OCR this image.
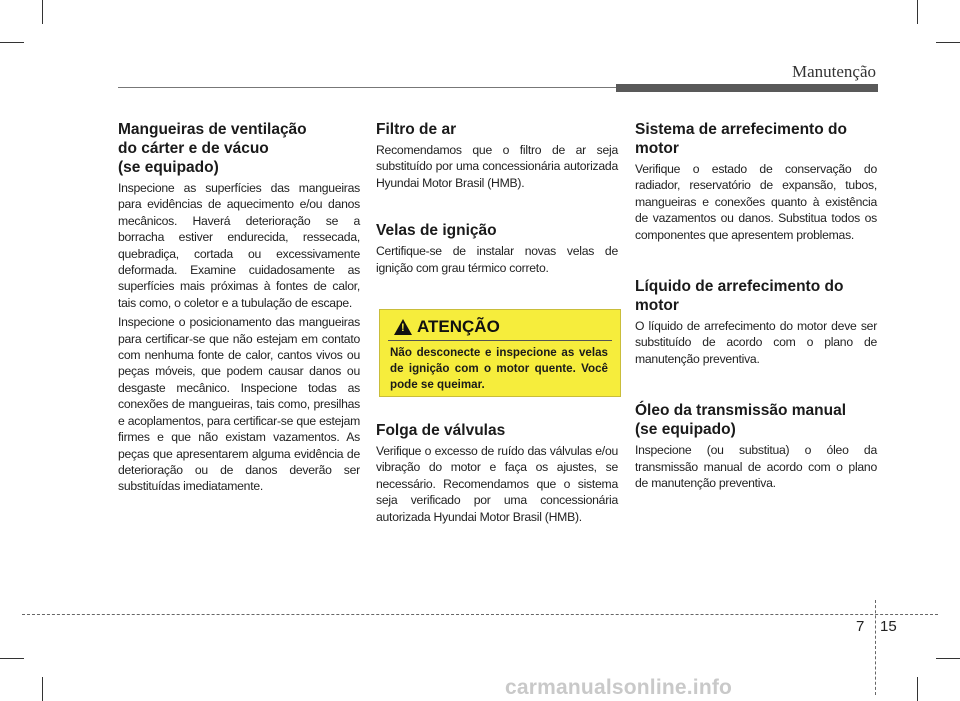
Manutenção
Mangueiras de ventilação
do cárter e de vácuo
(se equipado)

Inspecione as superfícies das mangueiras para evidências de aquecimento e/ou danos mecânicos. Haverá deterioração se a borracha estiver endurecida, ressecada, quebradiça, cortada ou excessivamente deformada. Examine cuidadosamente as superfícies mais próximas à fontes de calor, tais como, o coletor e a tubulação de escape.

Inspecione o posicionamento das mangueiras para certificar-se que não estejam em contato com nenhuma fonte de calor, cantos vivos ou peças móveis, que podem causar danos ou desgaste mecânico. Inspecione todas as conexões de mangueiras, tais como, presilhas e acoplamentos, para certificar-se que estejam firmes e que não existam vazamentos. As peças que apresentarem alguma evidência de deterioração ou de danos deverão ser substituídas imediatamente.

Filtro de ar

Recomendamos que o filtro de ar seja substituído por uma concessionária autorizada Hyundai Motor Brasil (HMB).

Velas de ignição

Certifique-se de instalar novas velas de ignição com grau térmico correto.

! ATENÇÃO
Não desconecte e inspecione as velas de ignição com o motor quente. Você pode se queimar.
Folga de válvulas

Verifique o excesso de ruído das válvulas e/ou vibração do motor e faça os ajustes, se necessário. Recomendamos que o sistema seja verificado por uma concessionária autorizada Hyundai Motor Brasil (HMB).

Sistema de arrefecimento do
motor

Verifique o estado de conservação do radiador, reservatório de expansão, tubos, mangueiras e conexões quanto à existência de vazamentos ou danos. Substitua todos os componentes que apresentem problemas.

Líquido de arrefecimento do
motor

O líquido de arrefecimento do motor deve ser substituído de acordo com o plano de manutenção preventiva.

Óleo da transmissão manual
(se equipado)

Inspecione (ou substitua) o óleo da transmissão manual de acordo com o plano de manutenção preventiva.

7 15
carmanualsonline.info
